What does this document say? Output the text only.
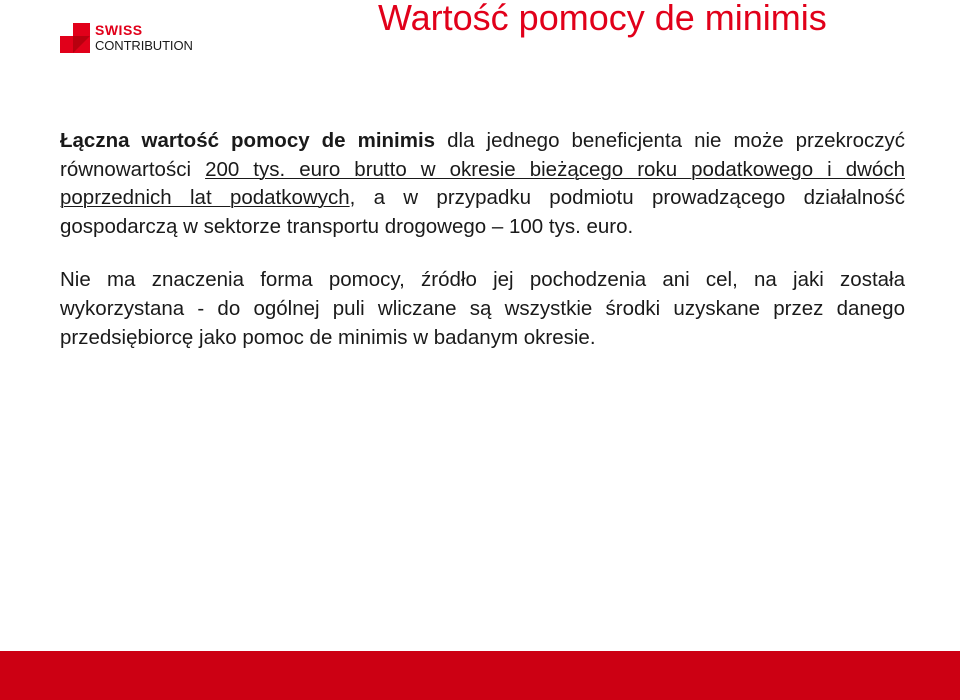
SWISS
CONTRIBUTION
Wartość pomocy de minimis

Łączna wartość pomocy de minimis dla jednego beneficjenta nie może przekroczyć równowartości 200 tys. euro brutto w okresie bieżącego roku podatkowego i dwóch poprzednich lat podatkowych, a w przypadku podmiotu prowadzącego działalność gospodarczą w sektorze transportu drogowego – 100 tys. euro.

Nie ma znaczenia forma pomocy, źródło jej pochodzenia ani cel, na jaki została wykorzystana - do ogólnej puli wliczane są wszystkie środki uzyskane przez danego przedsiębiorcę jako pomoc de minimis w badanym okresie.
